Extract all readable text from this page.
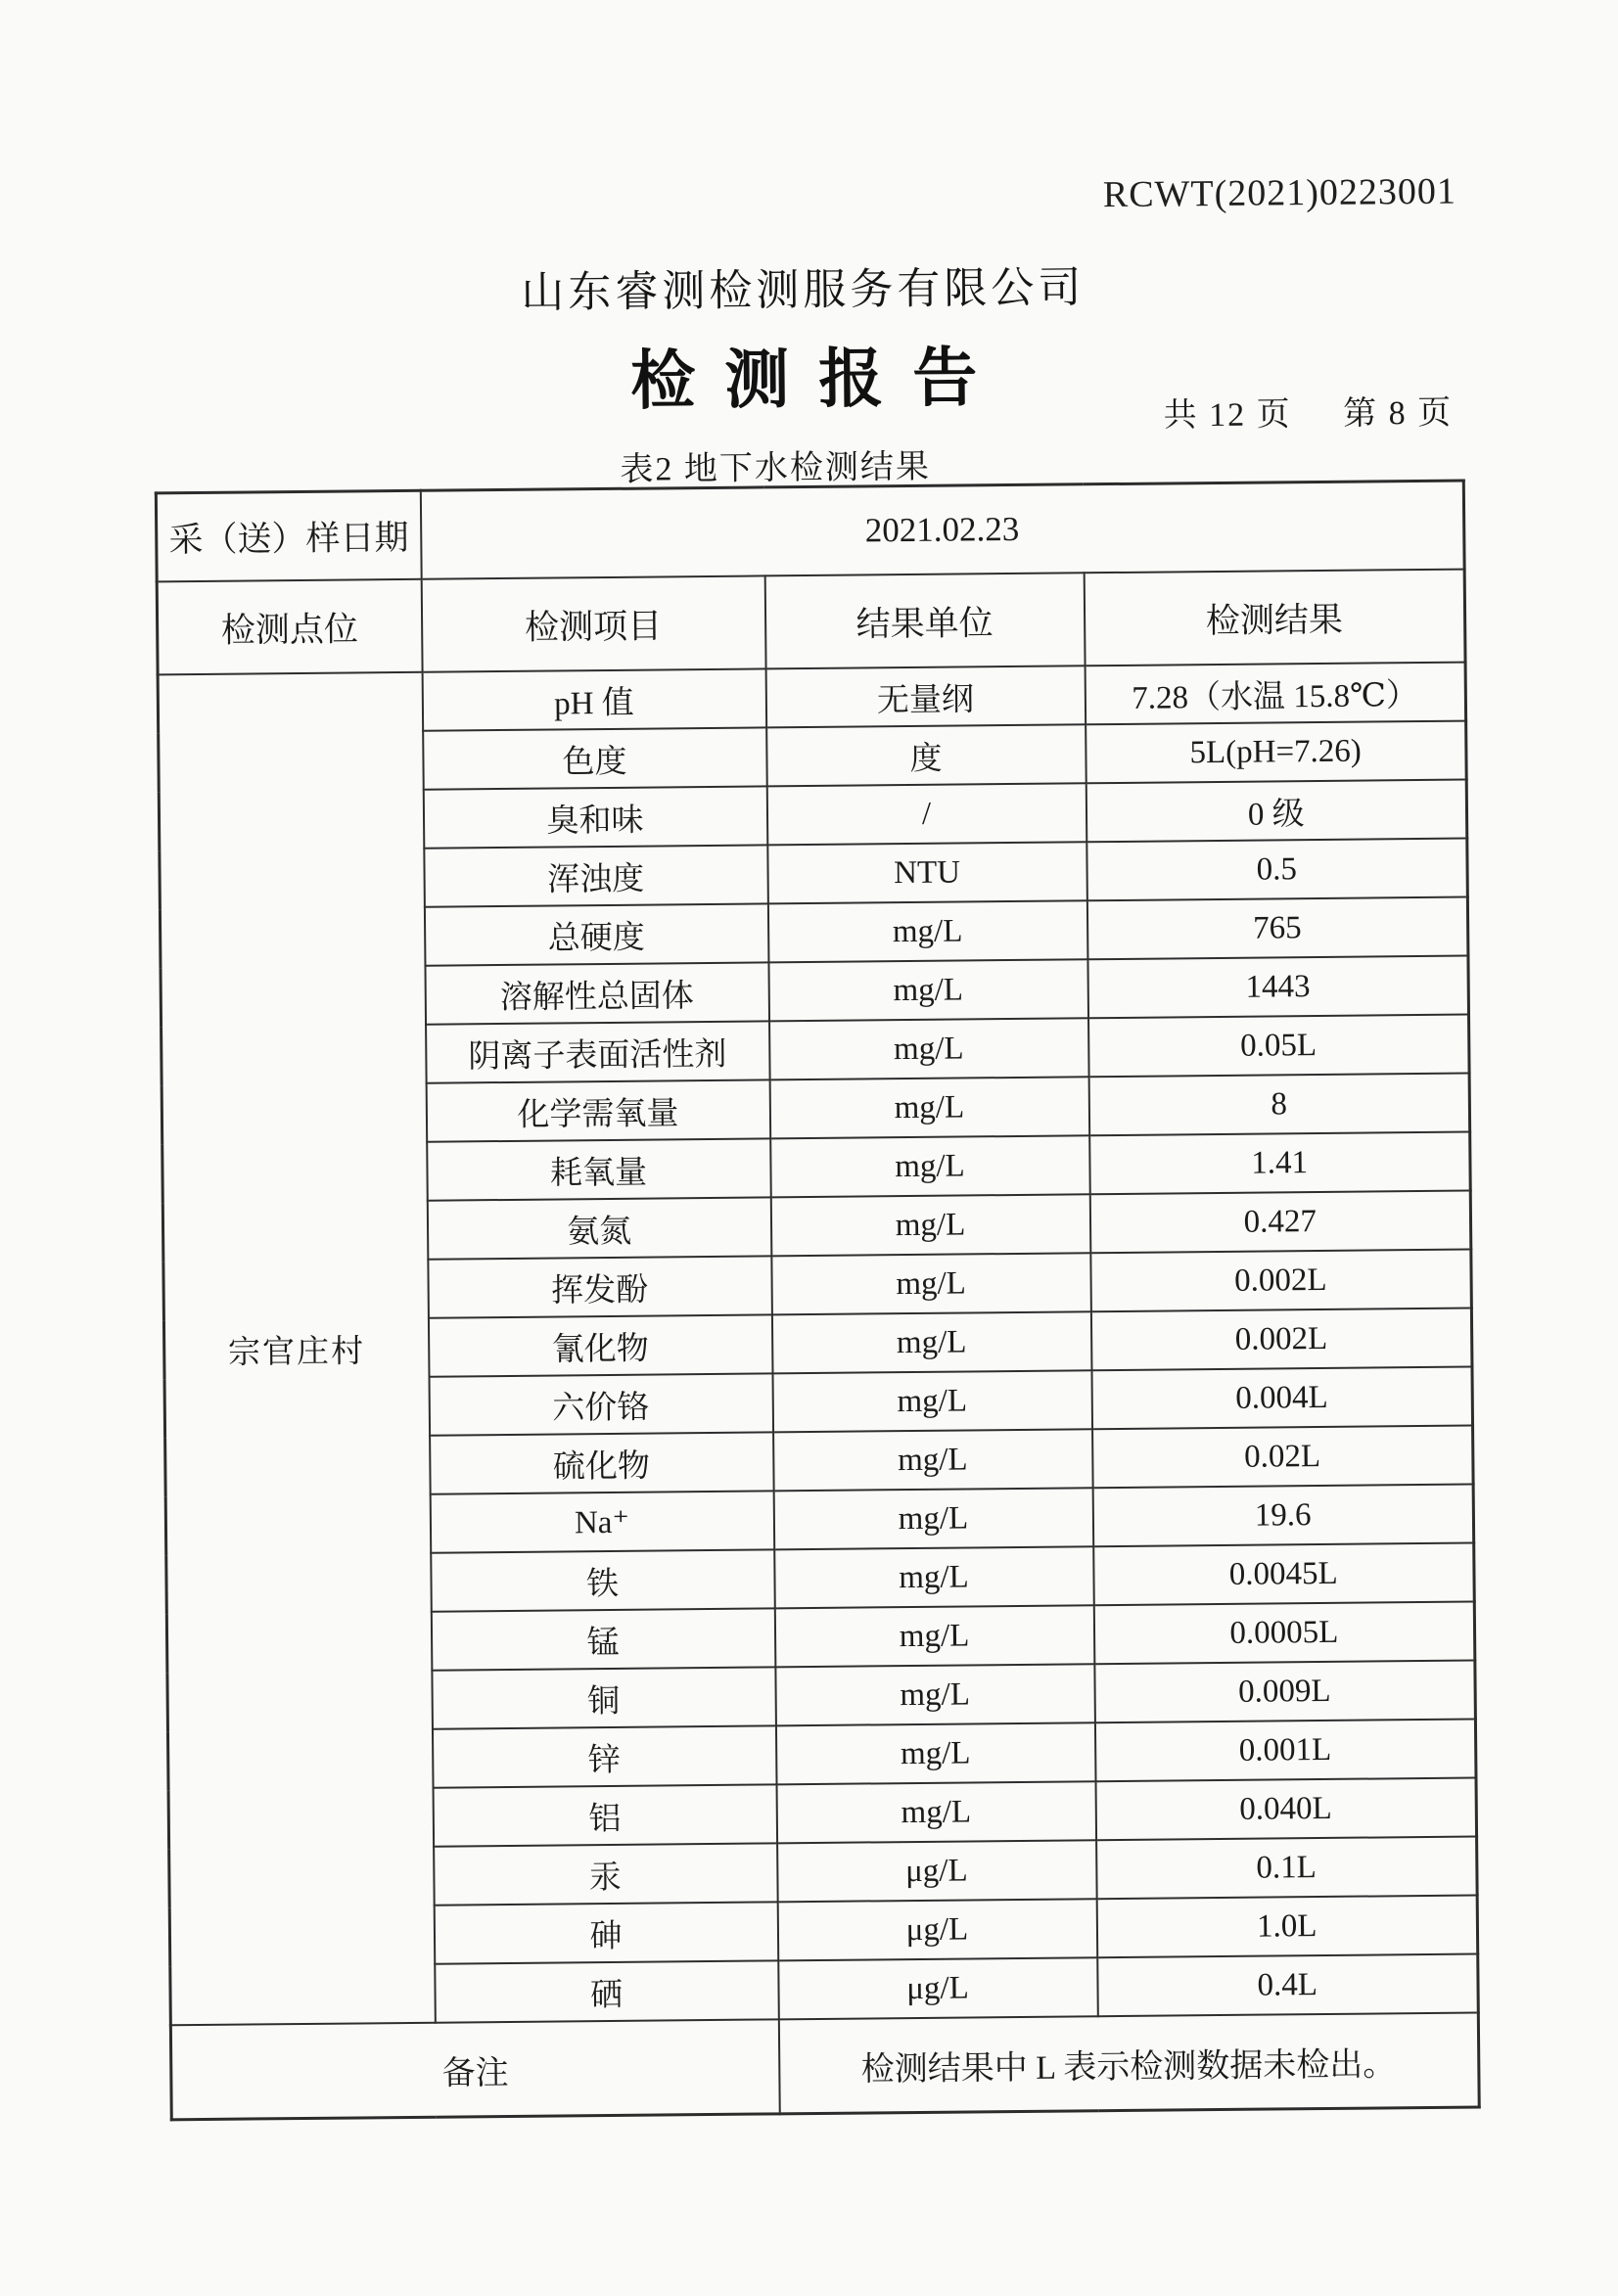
RCWT(2021)0223001
山东睿测检测服务有限公司
检测报告	共 12 页 第 8 页
表2 地下水检测结果
采（送）样日期	2021.02.23		
检测点位	检测项目	结果单位	检测结果
宗官庄村	pH 值	无量纲	7.28（水温 15.8℃）
	色度	度	5L(pH=7.26)
	臭和味	/	0 级
	浑浊度	NTU	0.5
	总硬度	mg/L	765
	溶解性总固体	mg/L	1443
	阴离子表面活性剂	mg/L	0.05L
	化学需氧量	mg/L	8
	耗氧量	mg/L	1.41
	氨氮	mg/L	0.427
	挥发酚	mg/L	0.002L
	氰化物	mg/L	0.002L
	六价铬	mg/L	0.004L
	硫化物	mg/L	0.02L
	Na⁺	mg/L	19.6
	铁	mg/L	0.0045L
	锰	mg/L	0.0005L
	铜	mg/L	0.009L
	锌	mg/L	0.001L
	铝	mg/L	0.040L
	汞	μg/L	0.1L
	砷	μg/L	1.0L
	硒	μg/L	0.4L
备注		检测结果中 L 表示检测数据未检出。	
